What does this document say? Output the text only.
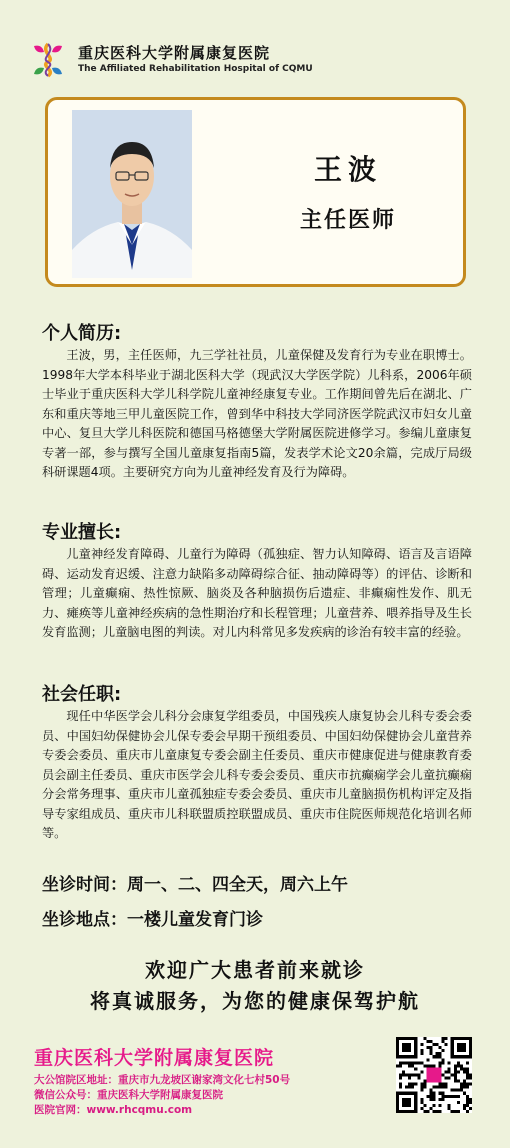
重庆医科大学附属康复医院
The Affiliated Rehabilitation Hospital of CQMU
王波
主任医师
个人简历:
王波，男，主任医师，九三学社社员，儿童保健及发育行为专业在职博士。1998年大学本科毕业于湖北医科大学（现武汉大学医学院）儿科系，2006年硕士毕业于重庆医科大学儿科学院儿童神经康复专业。工作期间曾先后在湖北、广东和重庆等地三甲儿童医院工作，曾到华中科技大学同济医学院武汉市妇女儿童中心、复旦大学儿科医院和德国马格德堡大学附属医院进修学习。参编儿童康复专著一部，参与撰写全国儿童康复指南5篇，发表学术论文20余篇，完成厅局级科研课题4项。主要研究方向为儿童神经发育及行为障碍。
专业擅长:
儿童神经发育障碍、儿童行为障碍（孤独症、智力认知障碍、语言及言语障碍、运动发育迟缓、注意力缺陷多动障碍综合征、抽动障碍等）的评估、诊断和管理；儿童癫痫、热性惊厥、脑炎及各种脑损伤后遗症、非癫痫性发作、肌无力、瘫痪等儿童神经疾病的急性期治疗和长程管理；儿童营养、喂养指导及生长发育监测；儿童脑电图的判读。对儿内科常见多发疾病的诊治有较丰富的经验。
社会任职:
现任中华医学会儿科分会康复学组委员，中国残疾人康复协会儿科专委会委员、中国妇幼保健协会儿保专委会早期干预组委员、中国妇幼保健协会儿童营养专委会委员、重庆市儿童康复专委会副主任委员、重庆市健康促进与健康教育委员会副主任委员、重庆市医学会儿科专委会委员、重庆市抗癫痫学会儿童抗癫痫分会常务理事、重庆市儿童孤独症专委会委员、重庆市儿童脑损伤机构评定及指导专家组成员、重庆市儿科联盟质控联盟成员、重庆市住院医师规范化培训名师等。
坐诊时间：周一、二、四全天，周六上午
坐诊地点：一楼儿童发育门诊
欢迎广大患者前来就诊
将真诚服务，为您的健康保驾护航
重庆医科大学附属康复医院
大公馆院区地址：重庆市九龙坡区谢家湾文化七村50号
微信公众号：重庆医科大学附属康复医院
医院官网：www.rhcqmu.com
